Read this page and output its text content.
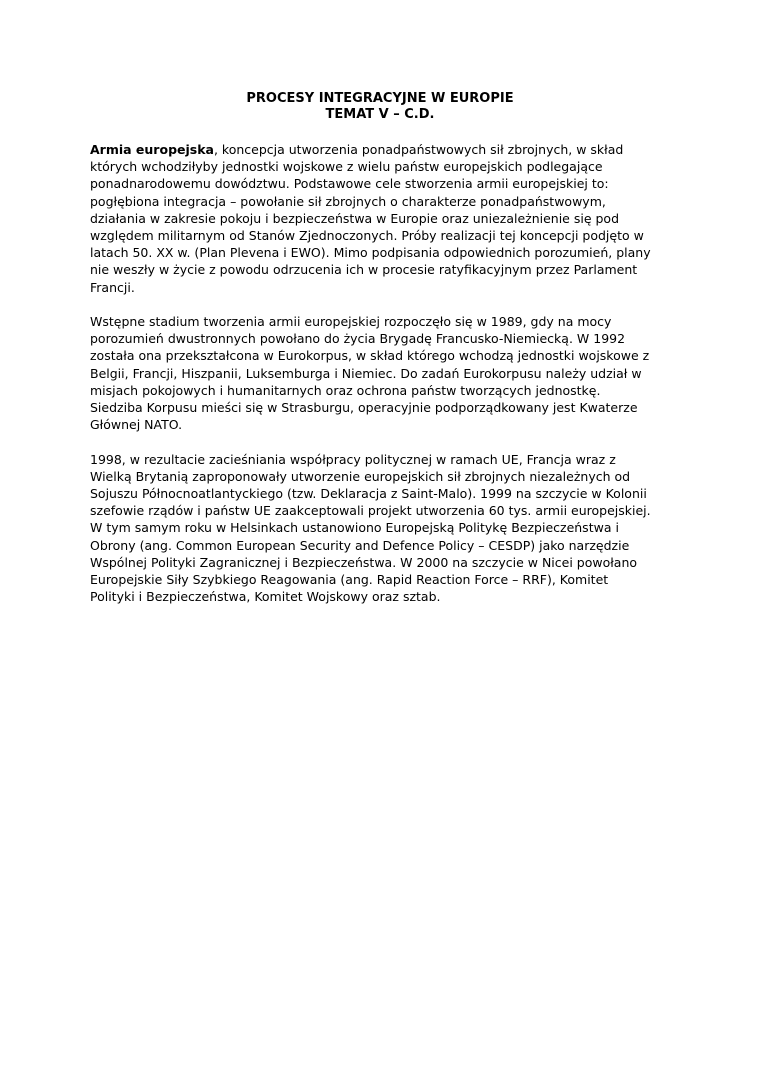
PROCESY INTEGRACYJNE W EUROPIE
TEMAT V – C.D.
Armia europejska, koncepcja utworzenia ponadpaństwowych sił zbrojnych, w skład
których wchodziłyby jednostki wojskowe z wielu państw europejskich podlegające
ponadnarodowemu dowództwu. Podstawowe cele stworzenia armii europejskiej to:
pogłębiona integracja – powołanie sił zbrojnych o charakterze ponadpaństwowym,
działania w zakresie pokoju i bezpieczeństwa w Europie oraz uniezależnienie się pod
względem militarnym od Stanów Zjednoczonych. Próby realizacji tej koncepcji podjęto w
latach 50. XX w. (Plan Plevena i EWO). Mimo podpisania odpowiednich porozumień, plany
nie weszły w życie z powodu odrzucenia ich w procesie ratyfikacyjnym przez Parlament
Francji.
Wstępne stadium tworzenia armii europejskiej rozpoczęło się w 1989, gdy na mocy
porozumień dwustronnych powołano do życia Brygadę Francusko-Niemiecką. W 1992
została ona przekształcona w Eurokorpus, w skład którego wchodzą jednostki wojskowe z
Belgii, Francji, Hiszpanii, Luksemburga i Niemiec. Do zadań Eurokorpusu należy udział w
misjach pokojowych i humanitarnych oraz ochrona państw tworzących jednostkę.
Siedziba Korpusu mieści się w Strasburgu, operacyjnie podporządkowany jest Kwaterze
Głównej NATO.
1998, w rezultacie zacieśniania współpracy politycznej w ramach UE, Francja wraz z
Wielką Brytanią zaproponowały utworzenie europejskich sił zbrojnych niezależnych od
Sojuszu Północnoatlantyckiego (tzw. Deklaracja z Saint-Malo). 1999 na szczycie w Kolonii
szefowie rządów i państw UE zaakceptowali projekt utworzenia 60 tys. armii europejskiej.
W tym samym roku w Helsinkach ustanowiono Europejską Politykę Bezpieczeństwa i
Obrony (ang. Common European Security and Defence Policy – CESDP) jako narzędzie
Wspólnej Polityki Zagranicznej i Bezpieczeństwa. W 2000 na szczycie w Nicei powołano
Europejskie Siły Szybkiego Reagowania (ang. Rapid Reaction Force – RRF), Komitet
Polityki i Bezpieczeństwa, Komitet Wojskowy oraz sztab.
